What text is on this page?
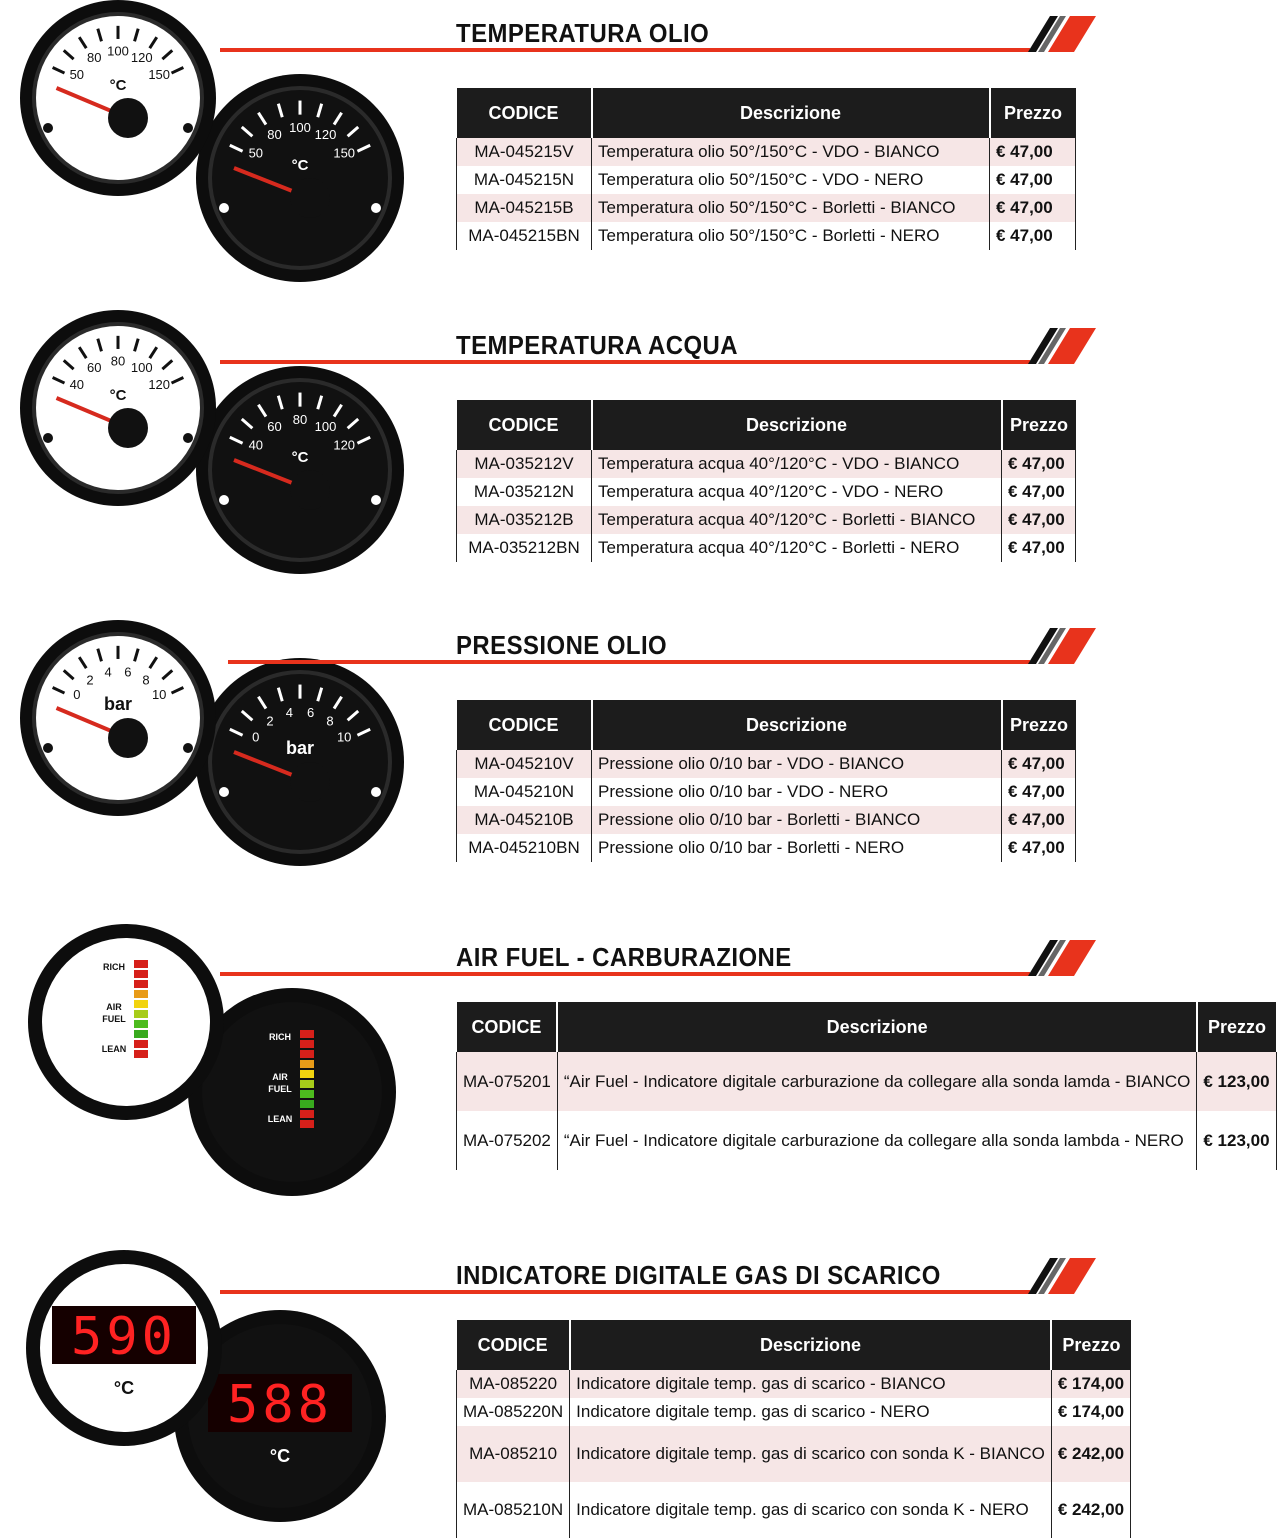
50
80 100 120
150
°C
50
80 100 120
150
°C
TEMPERATURA OLIO
CODICE	Descrizione	Prezzo
MA-045215V	Temperatura olio 50°/150°C - VDO - BIANCO	€ 47,00
MA-045215N	Temperatura olio 50°/150°C - VDO - NERO	€ 47,00
MA-045215B	Temperatura olio 50°/150°C - Borletti - BIANCO	€ 47,00
MA-045215BN	Temperatura olio 50°/150°C - Borletti - NERO	€ 47,00
40
60 80 100
120
°C
40
60 80 100
120
°C
TEMPERATURA ACQUA
CODICE	Descrizione	Prezzo
MA-035212V	Temperatura acqua 40°/120°C - VDO - BIANCO	€ 47,00
MA-035212N	Temperatura acqua 40°/120°C - VDO - NERO	€ 47,00
MA-035212B	Temperatura acqua 40°/120°C - Borletti - BIANCO	€ 47,00
MA-035212BN	Temperatura acqua 40°/120°C - Borletti - NERO	€ 47,00
0
2
4 6
8
10
bar
0
2
4 6
8
10
bar
PRESSIONE OLIO
CODICE	Descrizione	Prezzo
MA-045210V	Pressione olio 0/10 bar - VDO - BIANCO	€ 47,00
MA-045210N	Pressione olio 0/10 bar - VDO - NERO	€ 47,00
MA-045210B	Pressione olio 0/10 bar - Borletti - BIANCO	€ 47,00
MA-045210BN	Pressione olio 0/10 bar - Borletti - NERO	€ 47,00
RICH
AIR
FUEL
LEAN
RICH
AIR
FUEL
LEAN
AIR FUEL - CARBURAZIONE
CODICE	Descrizione	Prezzo
MA-075201	“Air Fuel - Indicatore digitale carburazione da collegare alla sonda lamda - BIANCO	€ 123,00
MA-075202	“Air Fuel - Indicatore digitale carburazione da collegare alla sonda lambda - NERO	€ 123,00
588
°C
590
°C
INDICATORE DIGITALE GAS DI SCARICO
CODICE	Descrizione	Prezzo
MA-085220	Indicatore digitale temp. gas di scarico - BIANCO	€ 174,00
MA-085220N	Indicatore digitale temp. gas di scarico - NERO	€ 174,00
MA-085210	Indicatore digitale temp. gas di scarico con sonda K - BIANCO	€ 242,00
MA-085210N	Indicatore digitale temp. gas di scarico con sonda K - NERO	€ 242,00
